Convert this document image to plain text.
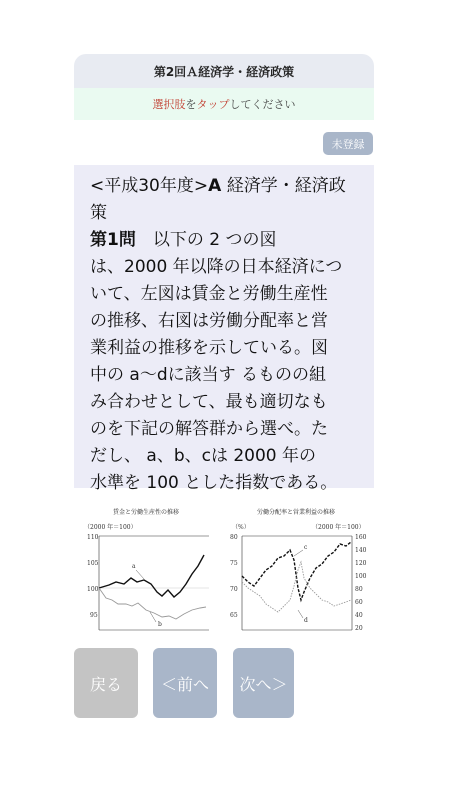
第2回Ａ経済学・経済政策
選択肢 を タップ してください
未登録
<平成30年度>A 経済学・経済政
策
第1問　以下の 2 つの図
は、2000 年以降の日本経済につ
いて、左図は賃金と労働生産性
の推移、右図は労働分配率と営
業利益の推移を示している。図
中の a～dに該当す るものの組
み合わせとして、最も適切なも
のを下記の解答群から選べ。た
だし、 a、b、cは 2000 年の
水準を 100 とした指数である。
賃金と労働生産性の推移
（2000 年＝100）
110
105
100
95
a
b
労働分配率と営業利益の推移
（%）	（2000 年＝100）
80
75
70
65
160
140
120
100
80
60
40
20
c
d
戻る ＜前へ 次へ＞
